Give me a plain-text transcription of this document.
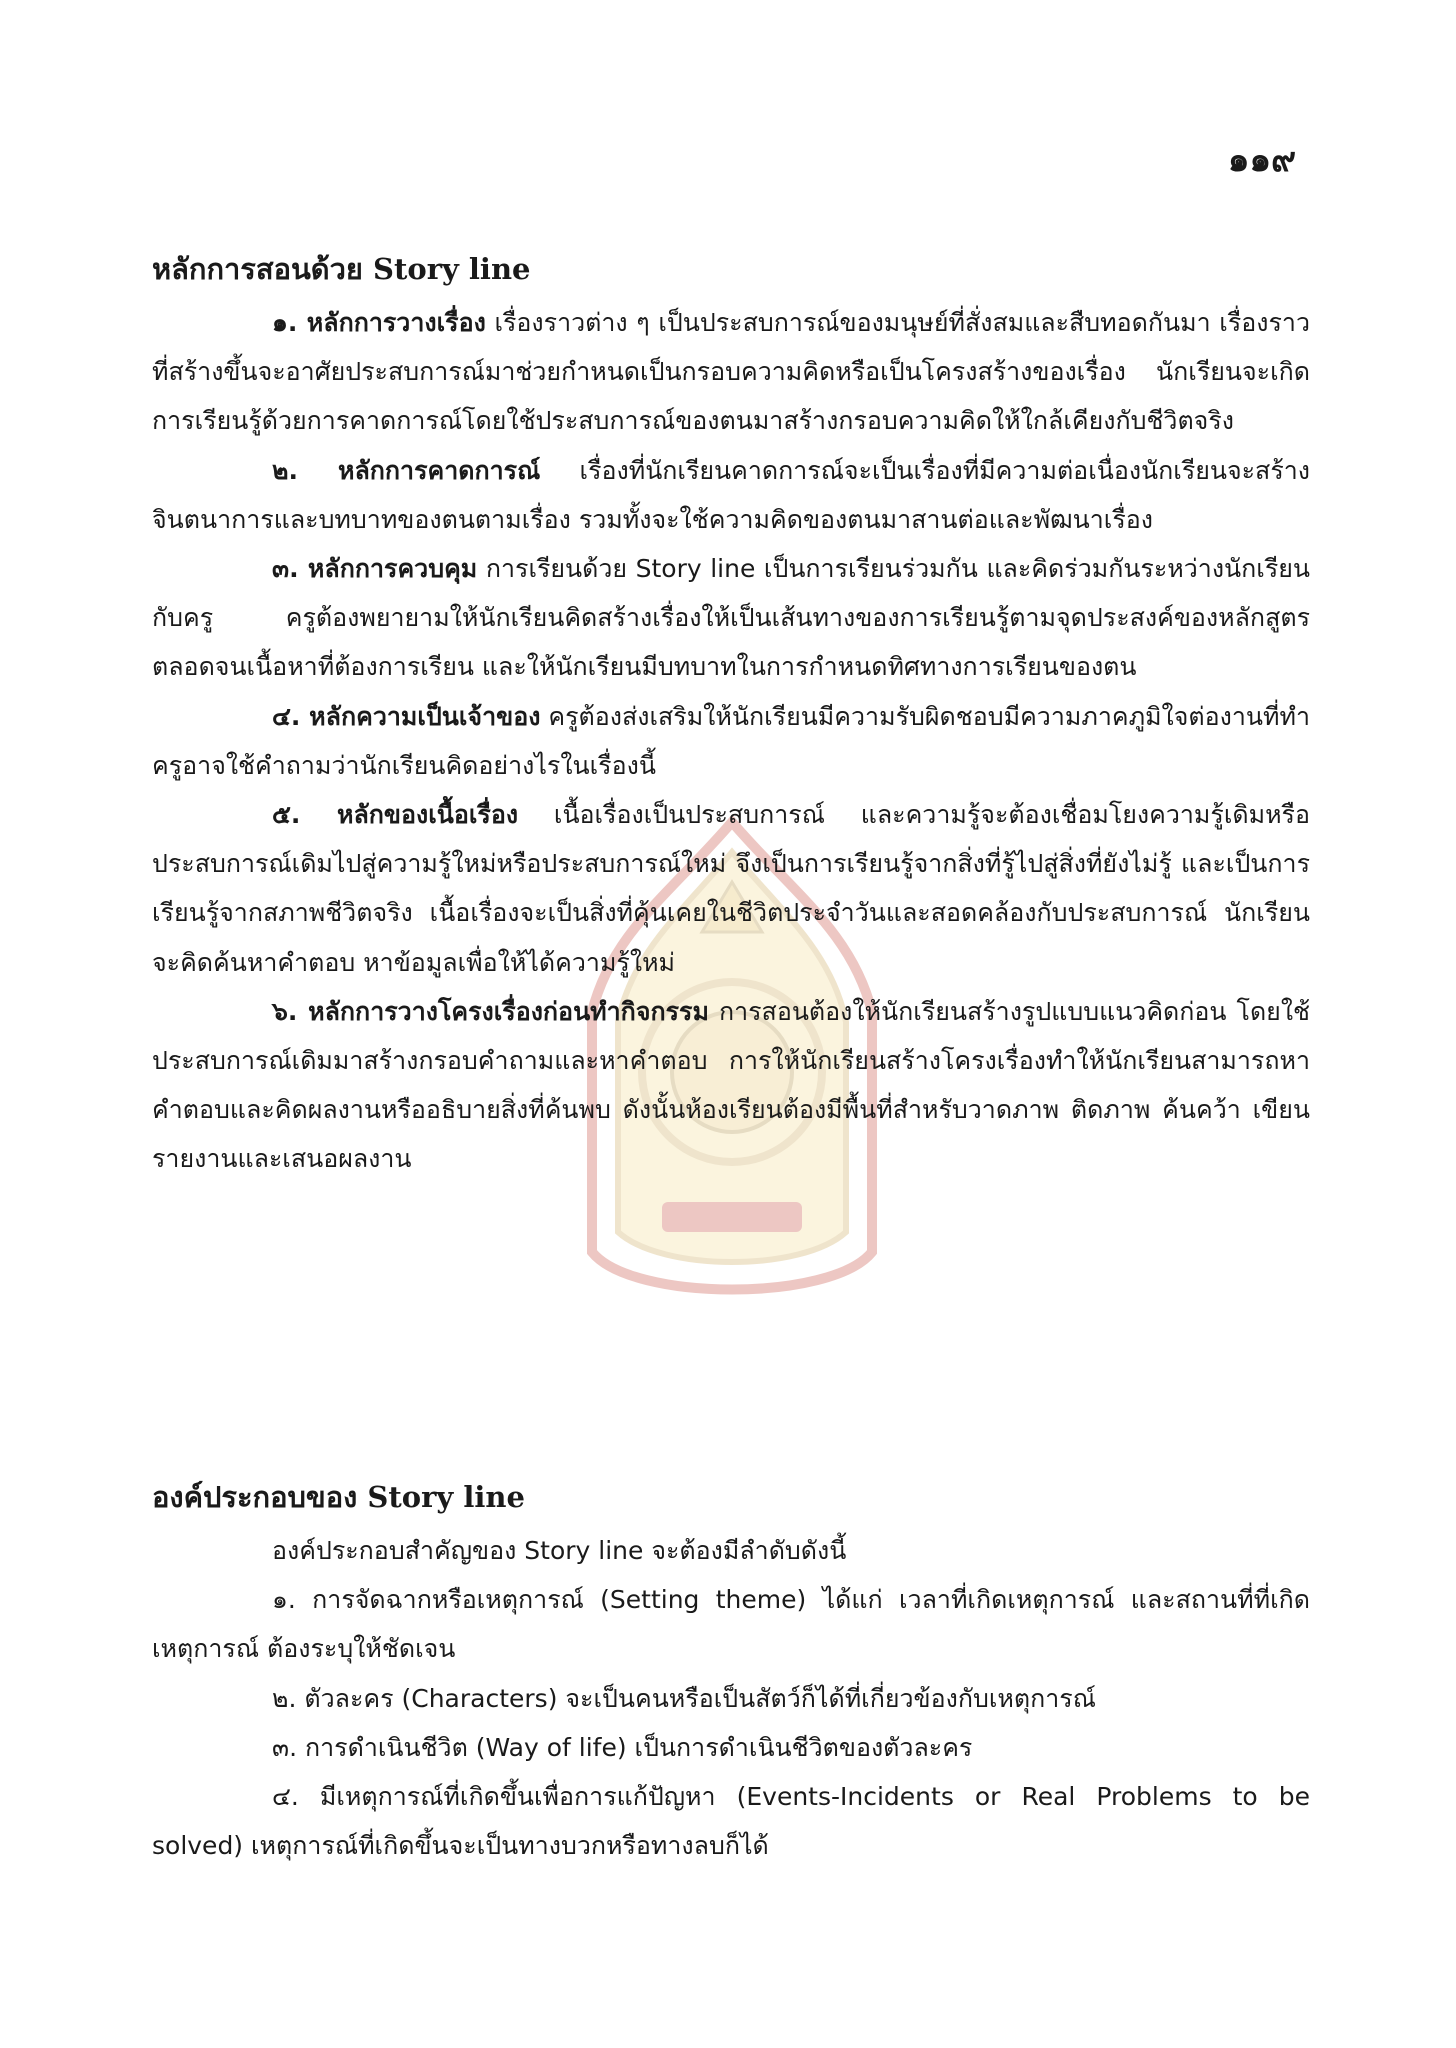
๑๑๙
หลักการสอนด้วย Story line

๑. หลักการวางเรื่อง เรื่องราวต่าง ๆ เป็นประสบการณ์ของมนุษย์ที่สั่งสมและสืบทอดกันมา เรื่องราวที่สร้างขึ้นจะอาศัยประสบการณ์มาช่วยกำหนดเป็นกรอบความคิดหรือเป็นโครงสร้างของเรื่อง นักเรียนจะเกิดการเรียนรู้ด้วยการคาดการณ์โดยใช้ประสบการณ์ของตนมาสร้างกรอบความคิดให้ใกล้เคียงกับชีวิตจริง

๒. หลักการคาดการณ์ เรื่องที่นักเรียนคาดการณ์จะเป็นเรื่องที่มีความต่อเนื่องนักเรียนจะสร้างจินตนาการและบทบาทของตนตามเรื่อง รวมทั้งจะใช้ความคิดของตนมาสานต่อและพัฒนาเรื่อง

๓. หลักการควบคุม การเรียนด้วย Story line เป็นการเรียนร่วมกัน และคิดร่วมกันระหว่างนักเรียนกับครู ครูต้องพยายามให้นักเรียนคิดสร้างเรื่องให้เป็นเส้นทางของการเรียนรู้ตามจุดประสงค์ของหลักสูตร ตลอดจนเนื้อหาที่ต้องการเรียน และให้นักเรียนมีบทบาทในการกำหนดทิศทางการเรียนของตน

๔. หลักความเป็นเจ้าของ ครูต้องส่งเสริมให้นักเรียนมีความรับผิดชอบมีความภาคภูมิใจต่องานที่ทำ ครูอาจใช้คำถามว่านักเรียนคิดอย่างไรในเรื่องนี้

๕. หลักของเนื้อเรื่อง เนื้อเรื่องเป็นประสบการณ์ และความรู้จะต้องเชื่อมโยงความรู้เดิมหรือประสบการณ์เดิมไปสู่ความรู้ใหม่หรือประสบการณ์ใหม่ จึงเป็นการเรียนรู้จากสิ่งที่รู้ไปสู่สิ่งที่ยังไม่รู้ และเป็นการเรียนรู้จากสภาพชีวิตจริง เนื้อเรื่องจะเป็นสิ่งที่คุ้นเคยในชีวิตประจำวันและสอดคล้องกับประสบการณ์ นักเรียนจะคิดค้นหาคำตอบ หาข้อมูลเพื่อให้ได้ความรู้ใหม่

๖. หลักการวางโครงเรื่องก่อนทำกิจกรรม การสอนต้องให้นักเรียนสร้างรูปแบบแนวคิดก่อน โดยใช้ประสบการณ์เดิมมาสร้างกรอบคำถามและหาคำตอบ การให้นักเรียนสร้างโครงเรื่องทำให้นักเรียนสามารถหาคำตอบและคิดผลงานหรืออธิบายสิ่งที่ค้นพบ ดังนั้นห้องเรียนต้องมีพื้นที่สำหรับวาดภาพ ติดภาพ ค้นคว้า เขียนรายงานและเสนอผลงาน

องค์ประกอบของ Story line

องค์ประกอบสำคัญของ Story line จะต้องมีลำดับดังนี้

๑. การจัดฉากหรือเหตุการณ์ (Setting theme) ได้แก่ เวลาที่เกิดเหตุการณ์ และสถานที่ที่เกิดเหตุการณ์ ต้องระบุให้ชัดเจน

๒. ตัวละคร (Characters) จะเป็นคนหรือเป็นสัตว์ก็ได้ที่เกี่ยวข้องกับเหตุการณ์

๓. การดำเนินชีวิต (Way of life) เป็นการดำเนินชีวิตของตัวละคร

๔. มีเหตุการณ์ที่เกิดขึ้นเพื่อการแก้ปัญหา (Events-Incidents or Real Problems to be solved) เหตุการณ์ที่เกิดขึ้นจะเป็นทางบวกหรือทางลบก็ได้
